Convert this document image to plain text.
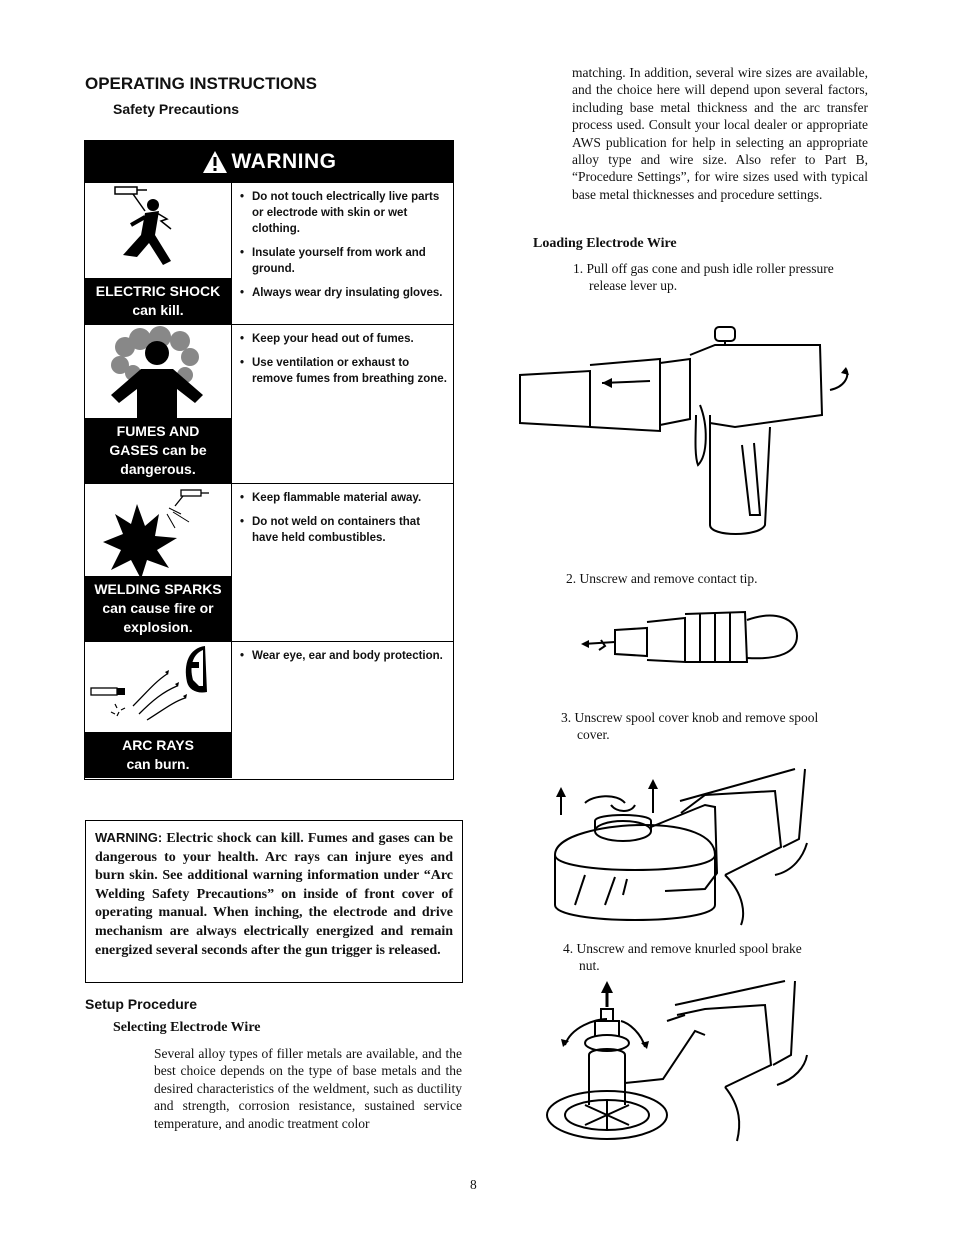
OPERATING INSTRUCTIONS
Safety Precautions
WARNING
ELECTRIC SHOCK
can kill.
• Do not touch electrically live parts or electrode with skin or wet clothing.
• Insulate yourself from work and ground.
• Always wear dry insulating gloves.
FUMES AND
GASES can be
dangerous.
• Keep your head out of fumes.
• Use ventilation or exhaust to remove fumes from breathing zone.
WELDING SPARKS
can cause fire or
explosion.
• Keep flammable material away.
• Do not weld on containers that have held combustibles.
ARC RAYS
can burn.
• Wear eye, ear and body protection.
WARNING: Electric shock can kill. Fumes and gases can be dangerous to your health. Arc rays can injure eyes and burn skin. See additional warning information under “Arc Welding Safety Precautions” on inside of front cover of operating manual. When inching, the electrode and drive mechanism are always electrically energized and remain energized several seconds after the gun trigger is released.
Setup Procedure
Selecting Electrode Wire
Several alloy types of filler metals are available, and the best choice depends on the type of base metals and the desired characteristics of the weldment, such as ductility and strength, corrosion resistance, sustained service temperature, and anodic treatment color
matching. In addition, several wire sizes are available, and the choice here will depend upon several factors, including base metal thickness and the arc transfer process used. Consult your local dealer or appropriate AWS publication for help in selecting an appropriate alloy type and wire size. Also refer to Part B, “Procedure Settings”, for wire sizes used with typical base metal thicknesses and procedure settings.
Loading Electrode Wire
1. Pull off gas cone and push idle roller pressure
release lever up.
2. Unscrew and remove contact tip.
3. Unscrew spool cover knob and remove spool
cover.
4. Unscrew and remove knurled spool brake
nut.
8
